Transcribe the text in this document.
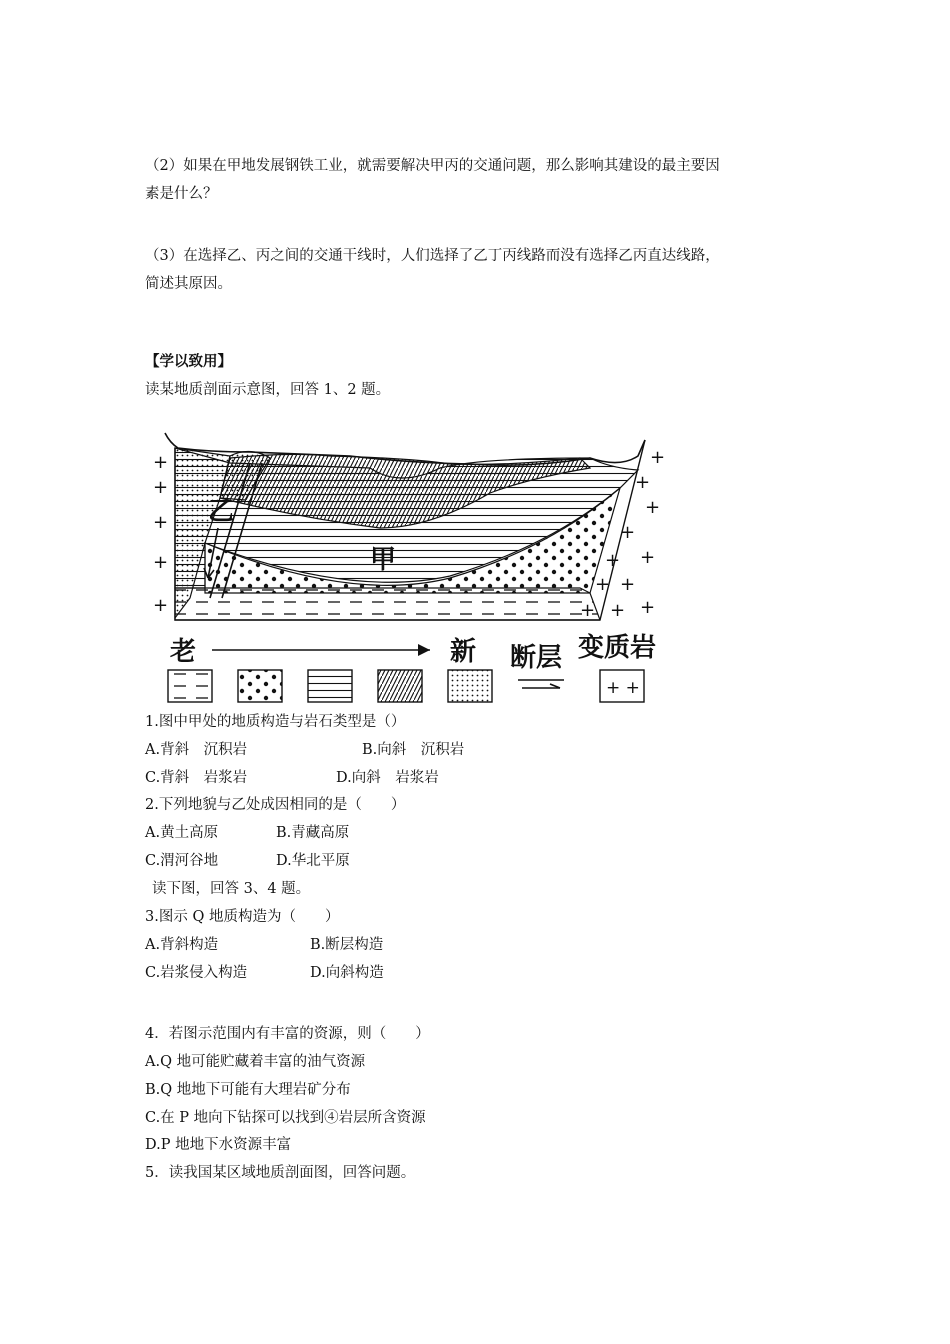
（2）如果在甲地发展钢铁工业，就需要解决甲丙的交通问题，那么影响其建设的最主要因
素是什么？
（3）在选择乙、丙之间的交通干线时，人们选择了乙丁丙线路而没有选择乙丙直达线路，
简述其原因。
【学以致用】
读某地质剖面示意图，回答 1、2 题。
+
+
+
+
+
+
+
+
+
+
+
+ +
+
+ +
乙
甲
老	新 断层 变质岩
+ +
1.图中甲处的地质构造与岩石类型是（）
A.背斜　沉积岩	B.向斜　沉积岩
C.背斜　岩浆岩	D.向斜　岩浆岩
2.下列地貌与乙处成因相同的是（　　）
A.黄土高原	B.青藏高原
C.渭河谷地	D.华北平原
读下图，回答 3、4 题。
3.图示 Q 地质构造为（　　）
A.背斜构造	B.断层构造
C.岩浆侵入构造	D.向斜构造
4．若图示范围内有丰富的资源，则（　　）
A.Q 地可能贮藏着丰富的油气资源
B.Q 地地下可能有大理岩矿分布
C.在 P 地向下钻探可以找到④岩层所含资源
D.P 地地下水资源丰富
5．读我国某区域地质剖面图，回答问题。
